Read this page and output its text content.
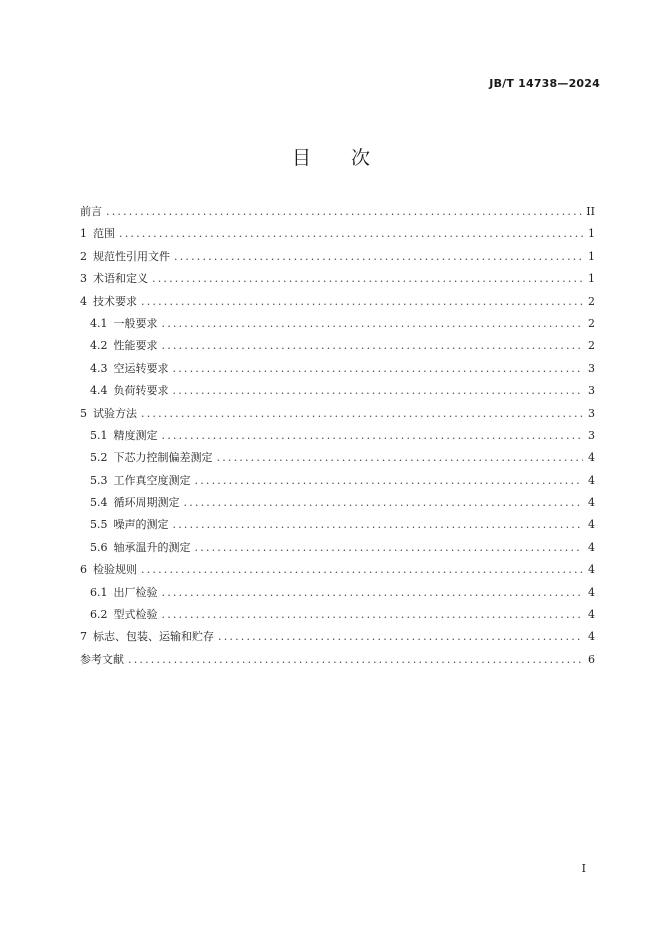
JB/T 14738—2024
目 次
前言 .....	II
1 范围 .....	1
2 规范性引用文件 .....	1
3 术语和定义 .....	1
4 技术要求 .....	2
4.1 一般要求 .....	2
4.2 性能要求 .....	2
4.3 空运转要求 .....	3
4.4 负荷转要求 .....	3
5 试验方法 .....	3
5.1 精度测定 .....	3
5.2 下芯力控制偏差测定 .....	4
5.3 工作真空度测定 .....	4
5.4 循环周期测定 .....	4
5.5 噪声的测定 .....	4
5.6 轴承温升的测定 .....	4
6 检验规则 .....	4
6.1 出厂检验 .....	4
6.2 型式检验 .....	4
7 标志、包装、运输和贮存 .....	4
参考文献 .....	6
I
